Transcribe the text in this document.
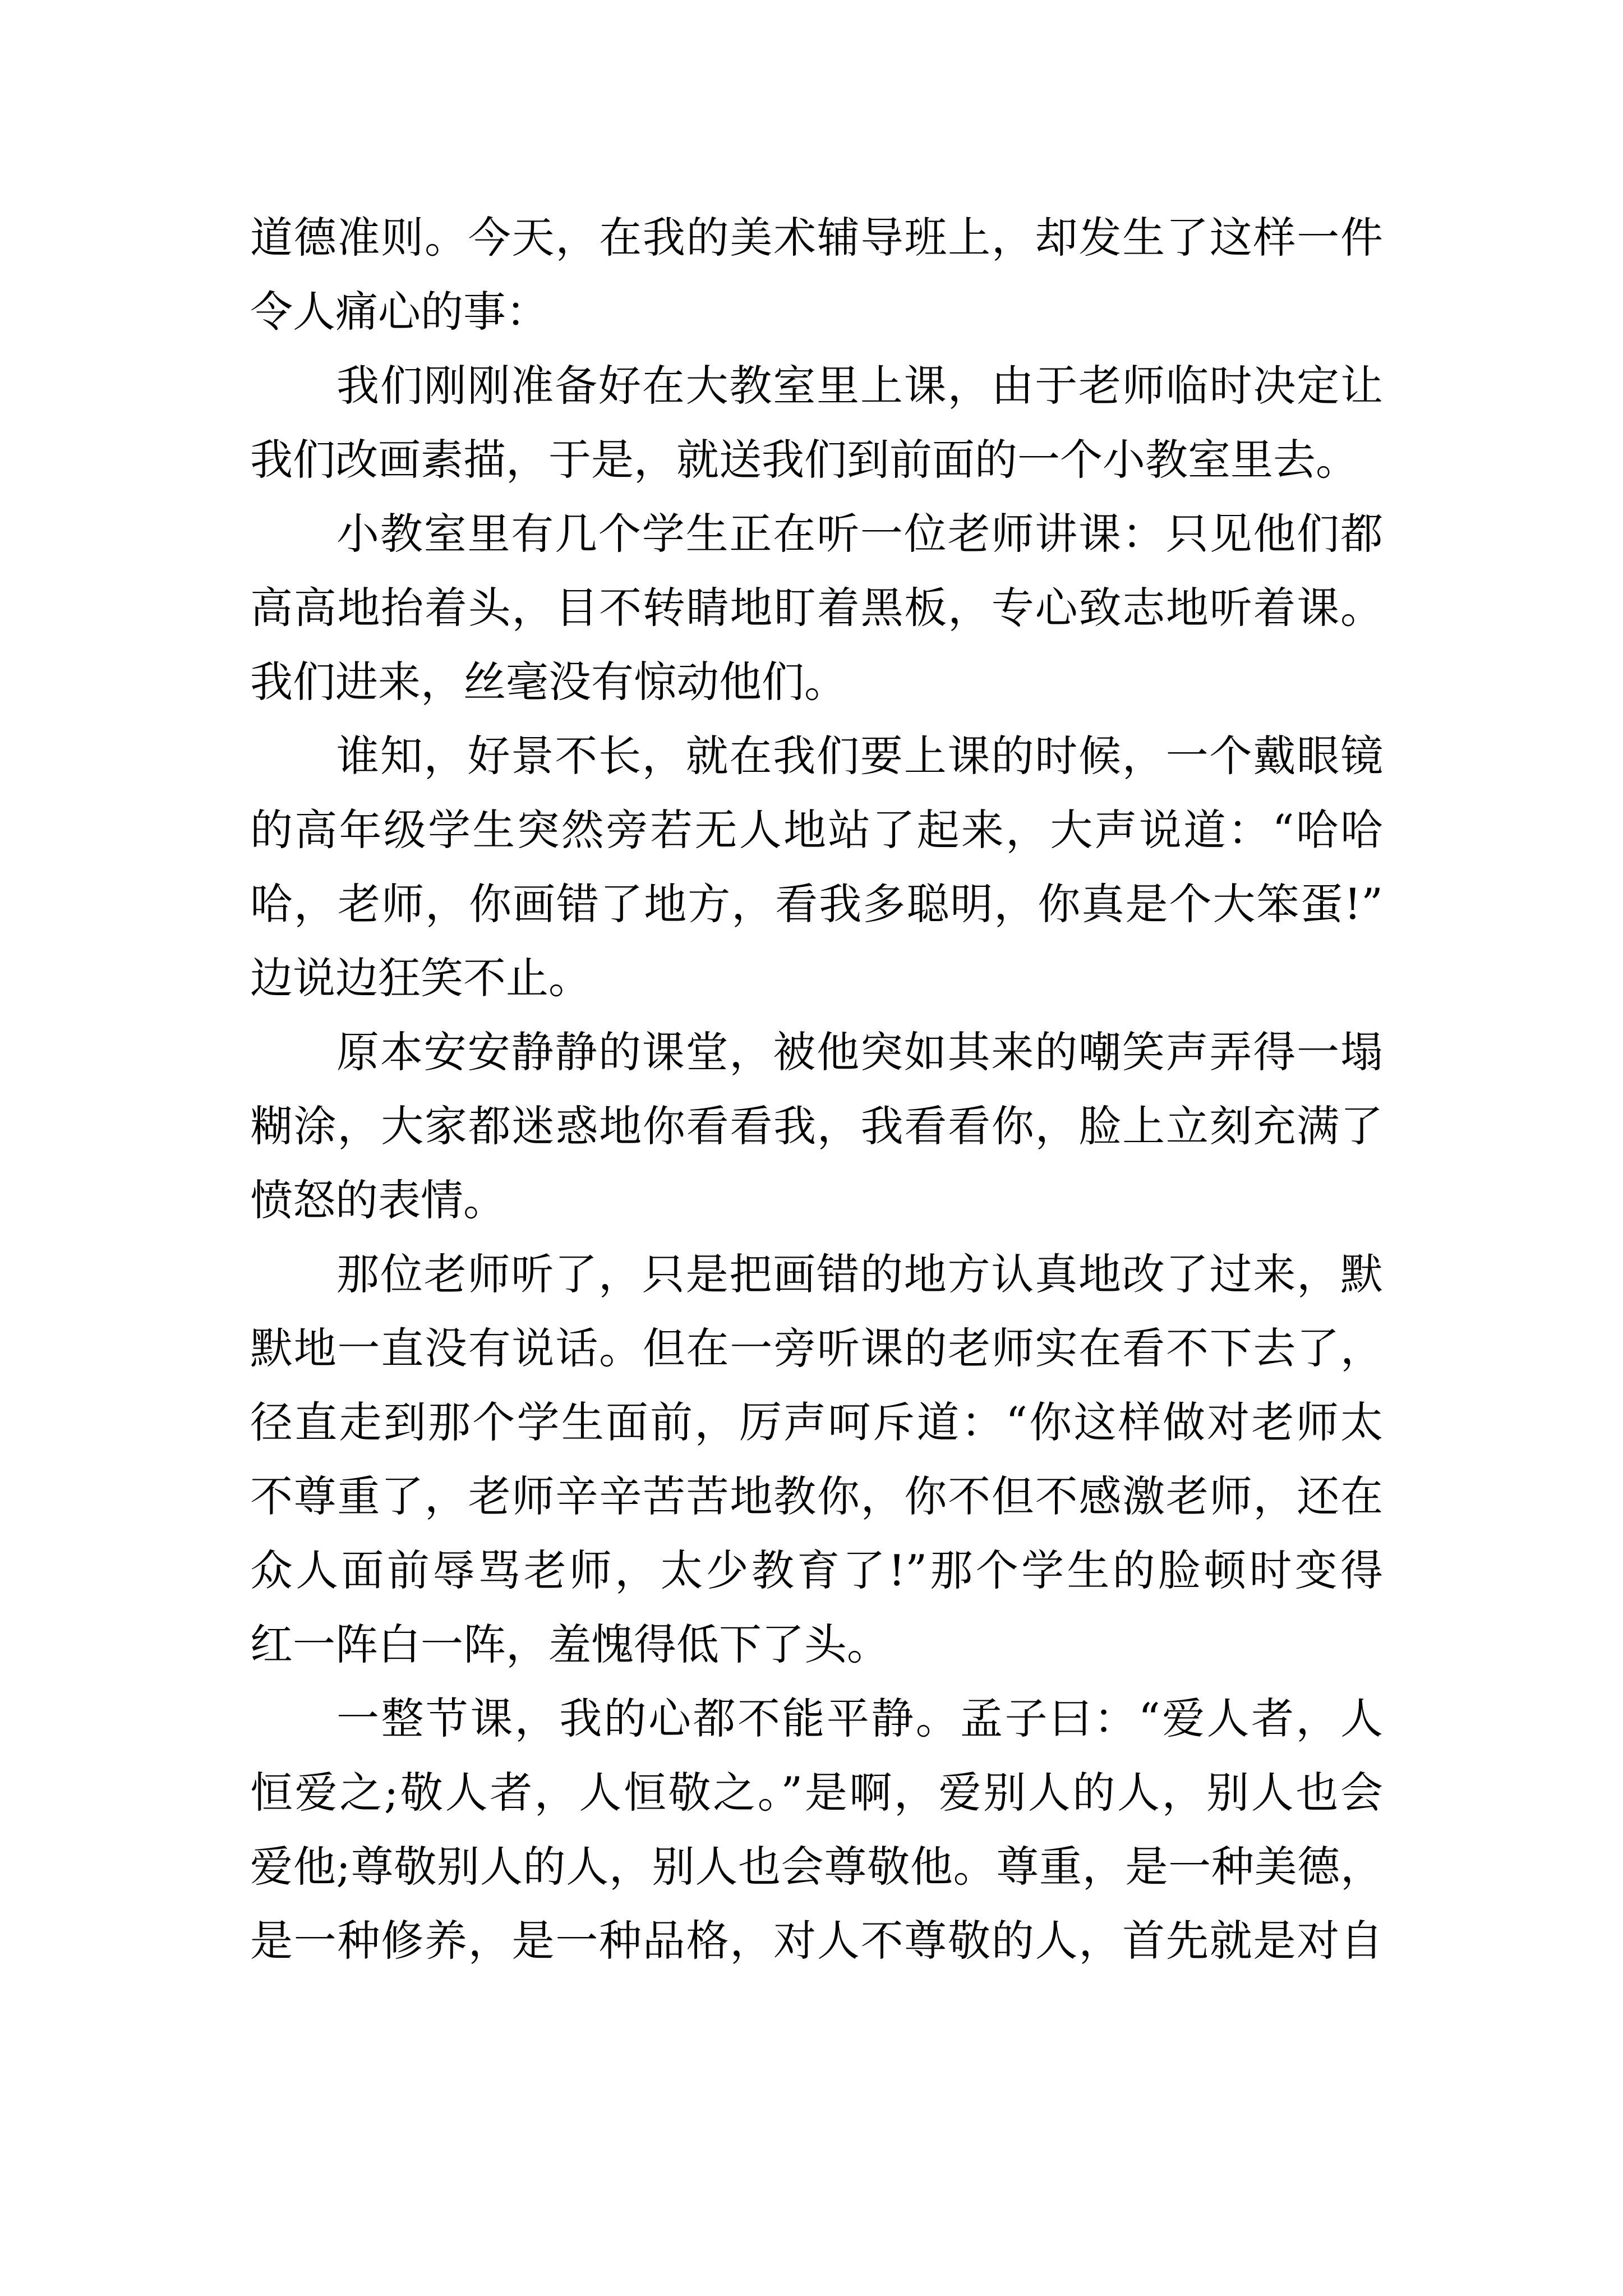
道德准则。今天，在我的美术辅导班上，却发生了这样一件
令人痛心的事：
我们刚刚准备好在大教室里上课，由于老师临时决定让
我们改画素描，于是，就送我们到前面的一个小教室里去。
小教室里有几个学生正在听一位老师讲课：只见他们都
高高地抬着头，目不转睛地盯着黑板，专心致志地听着课。
我们进来，丝毫没有惊动他们。
谁知，好景不长，就在我们要上课的时候，一个戴眼镜
的高年级学生突然旁若无人地站了起来，大声说道：“哈哈
哈，老师，你画错了地方，看我多聪明，你真是个大笨蛋!”
边说边狂笑不止。
原本安安静静的课堂，被他突如其来的嘲笑声弄得一塌
糊涂，大家都迷惑地你看看我，我看看你，脸上立刻充满了
愤怒的表情。
那位老师听了，只是把画错的地方认真地改了过来，默
默地一直没有说话。但在一旁听课的老师实在看不下去了，
径直走到那个学生面前，厉声呵斥道：“你这样做对老师太
不尊重了，老师辛辛苦苦地教你，你不但不感激老师，还在
众人面前辱骂老师，太少教育了!”那个学生的脸顿时变得
红一阵白一阵，羞愧得低下了头。
一整节课，我的心都不能平静。孟子曰：“爱人者，人
恒爱之;敬人者，人恒敬之。”是啊，爱别人的人，别人也会
爱他;尊敬别人的人，别人也会尊敬他。尊重，是一种美德，
是一种修养，是一种品格，对人不尊敬的人，首先就是对自
